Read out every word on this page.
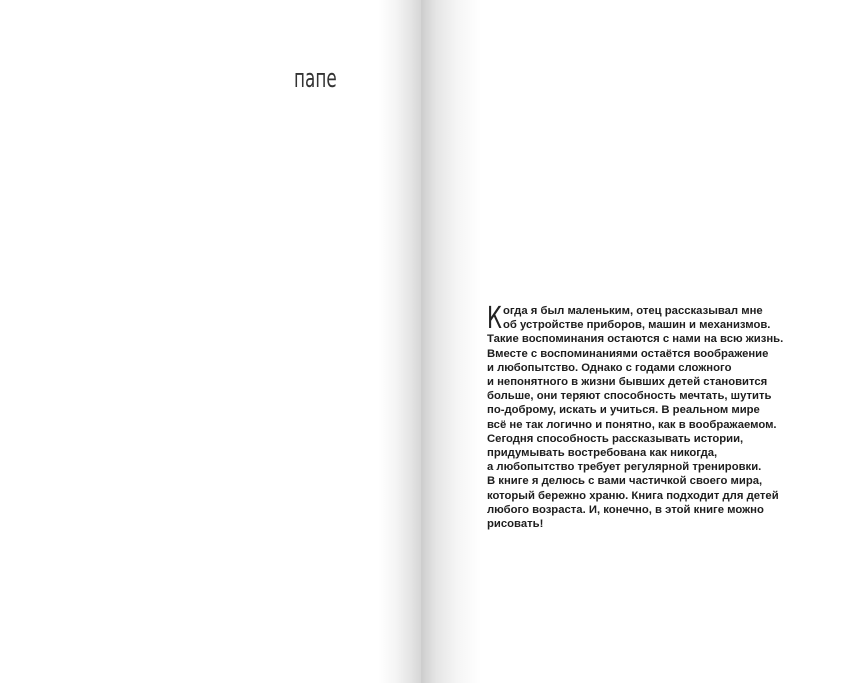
папе
К огда я был маленьким, отец рассказывал мне
об устройстве приборов, машин и механизмов.
Такие воспоминания остаются с нами на всю жизнь.
Вместе с воспоминаниями остаётся воображение
и любопытство. Однако с годами сложного
и непонятного в жизни бывших детей становится
больше, они теряют способность мечтать, шутить
по-доброму, искать и учиться. В реальном мире
всё не так логично и понятно, как в воображаемом.
Сегодня способность рассказывать истории,
придумывать востребована как никогда,
а любопытство требует регулярной тренировки.
В книге я делюсь с вами частичкой своего мира,
который бережно храню. Книга подходит для детей
любого возраста. И, конечно, в этой книге можно
рисовать!
